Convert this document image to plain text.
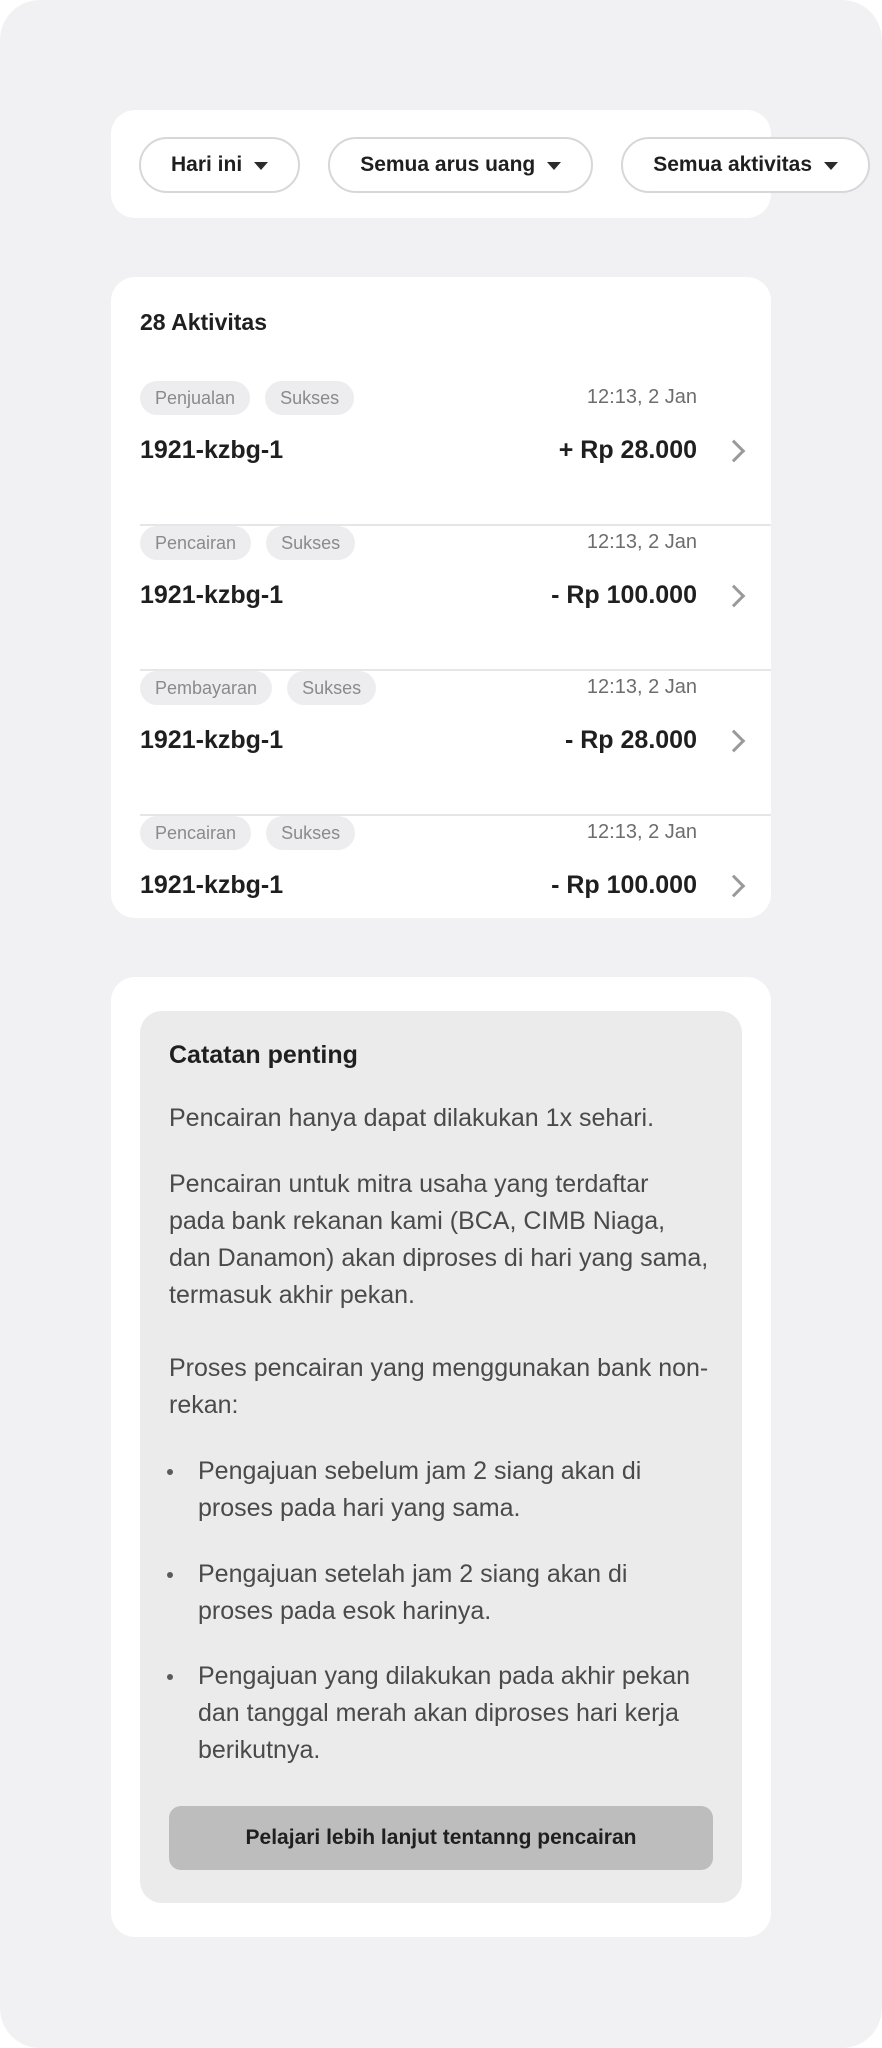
Hari ini	Semua arus uang	Semua aktivitas
28 Aktivitas
Penjualan	Sukses	12:13, 2 Jan
1921-kzbg-1	+ Rp 28.000
Pencairan	Sukses	12:13, 2 Jan
1921-kzbg-1	- Rp 100.000
Pembayaran	Sukses	12:13, 2 Jan
1921-kzbg-1	- Rp 28.000
Pencairan	Sukses	12:13, 2 Jan
1921-kzbg-1	- Rp 100.000
Catatan penting
Pencairan hanya dapat dilakukan 1x sehari.
Pencairan untuk mitra usaha yang terdaftar pada bank rekanan kami (BCA, CIMB Niaga, dan Danamon) akan diproses di hari yang sama, termasuk akhir pekan.
Proses pencairan yang menggunakan bank non-rekan:
Pengajuan sebelum jam 2 siang akan di proses pada hari yang sama.
Pengajuan setelah jam 2 siang akan di proses pada esok harinya.
Pengajuan yang dilakukan pada akhir pekan dan tanggal merah akan diproses hari kerja berikutnya.
Pelajari lebih lanjut tentanng pencairan
